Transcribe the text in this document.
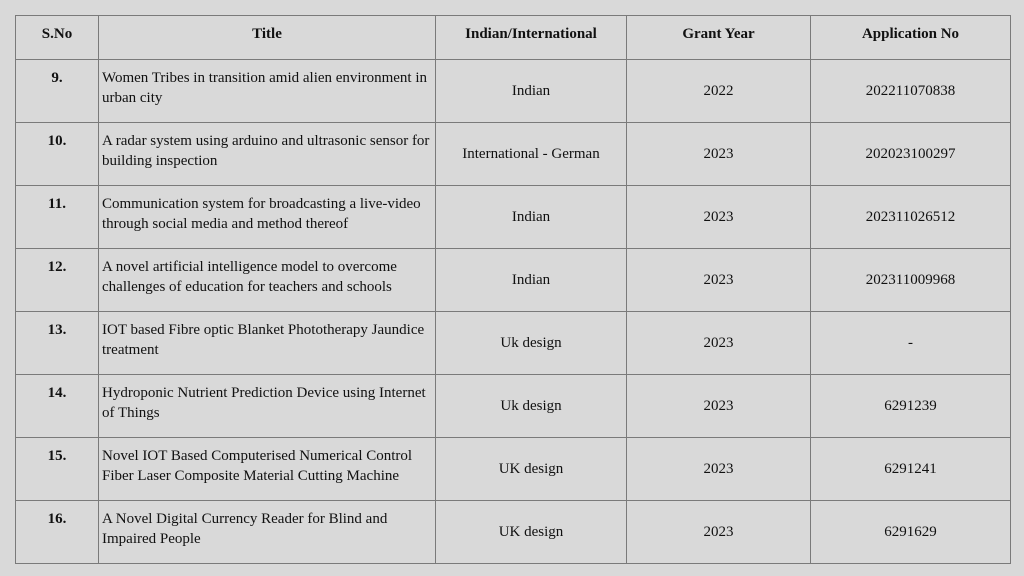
S.No	Title	Indian/International	Grant Year	Application No
9.	Women Tribes in transition amid alien environment in urban city	Indian	2022	202211070838
10.	A radar system using arduino and ultrasonic sensor for building inspection	International - German	2023	202023100297
11.	Communication system for broadcasting a live-video through social media and method thereof	Indian	2023	202311026512
12.	A novel artificial intelligence model to overcome challenges of education for teachers and schools	Indian	2023	202311009968
13.	IOT based Fibre optic Blanket Phototherapy Jaundice treatment	Uk design	2023	-
14.	Hydroponic Nutrient Prediction Device using Internet of Things	Uk design	2023	6291239
15.	Novel IOT Based Computerised Numerical Control Fiber Laser Composite Material Cutting Machine	UK design	2023	6291241
16.	A Novel Digital Currency Reader for Blind and Impaired People	UK design	2023	6291629
